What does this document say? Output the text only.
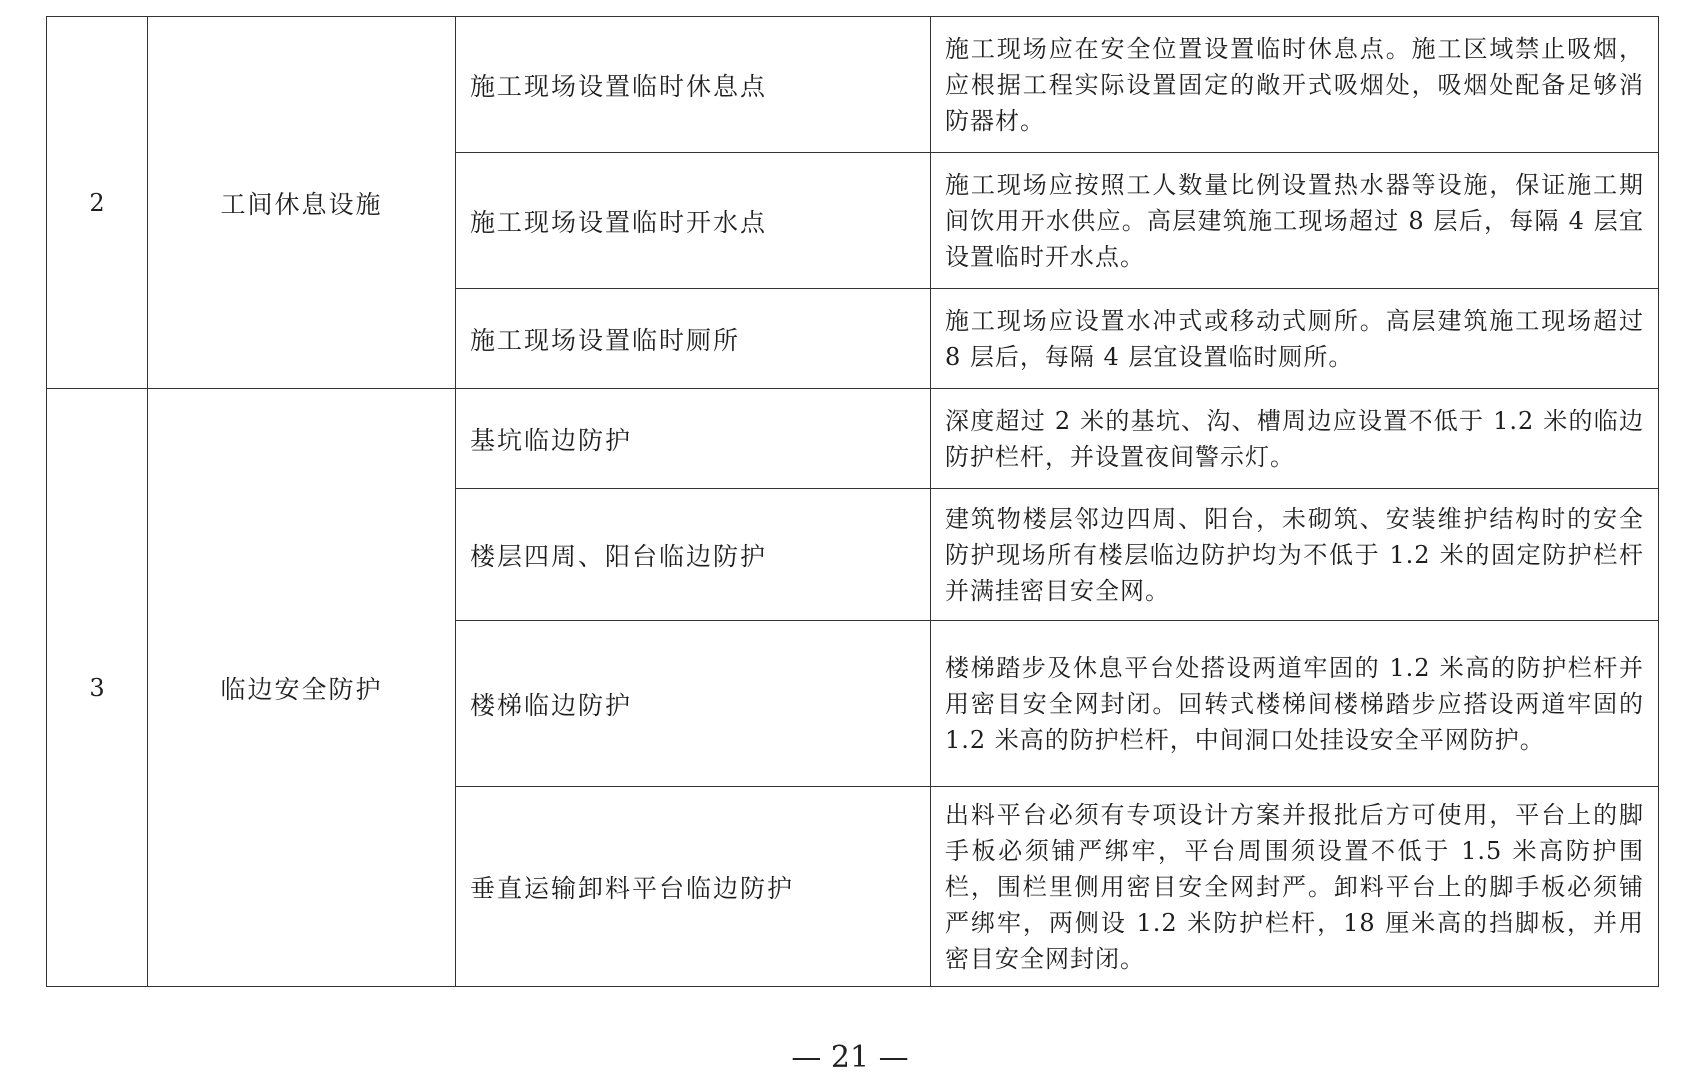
2	工间休息设施	施工现场设置临时休息点	施工现场应在安全位置设置临时休息点。施工区域禁止吸烟，应根据工程实际设置固定的敞开式吸烟处，吸烟处配备足够消防器材。
		施工现场设置临时开水点	施工现场应按照工人数量比例设置热水器等设施，保证施工期间饮用开水供应。高层建筑施工现场超过 8 层后，每隔 4 层宜设置临时开水点。
		施工现场设置临时厕所	施工现场应设置水冲式或移动式厕所。高层建筑施工现场超过 8 层后，每隔 4 层宜设置临时厕所。
3	临边安全防护	基坑临边防护	深度超过 2 米的基坑、沟、槽周边应设置不低于 1.2 米的临边防护栏杆，并设置夜间警示灯。
		楼层四周、阳台临边防护	建筑物楼层邻边四周、阳台，未砌筑、安装维护结构时的安全防护现场所有楼层临边防护均为不低于 1.2 米的固定防护栏杆并满挂密目安全网。
		楼梯临边防护	楼梯踏步及休息平台处搭设两道牢固的 1.2 米高的防护栏杆并用密目安全网封闭。回转式楼梯间楼梯踏步应搭设两道牢固的 1.2 米高的防护栏杆，中间洞口处挂设安全平网防护。
		垂直运输卸料平台临边防护	出料平台必须有专项设计方案并报批后方可使用，平台上的脚手板必须铺严绑牢，平台周围须设置不低于 1.5 米高防护围栏，围栏里侧用密目安全网封严。卸料平台上的脚手板必须铺严绑牢，两侧设 1.2 米防护栏杆，18 厘米高的挡脚板，并用密目安全网封闭。
— 21 —
